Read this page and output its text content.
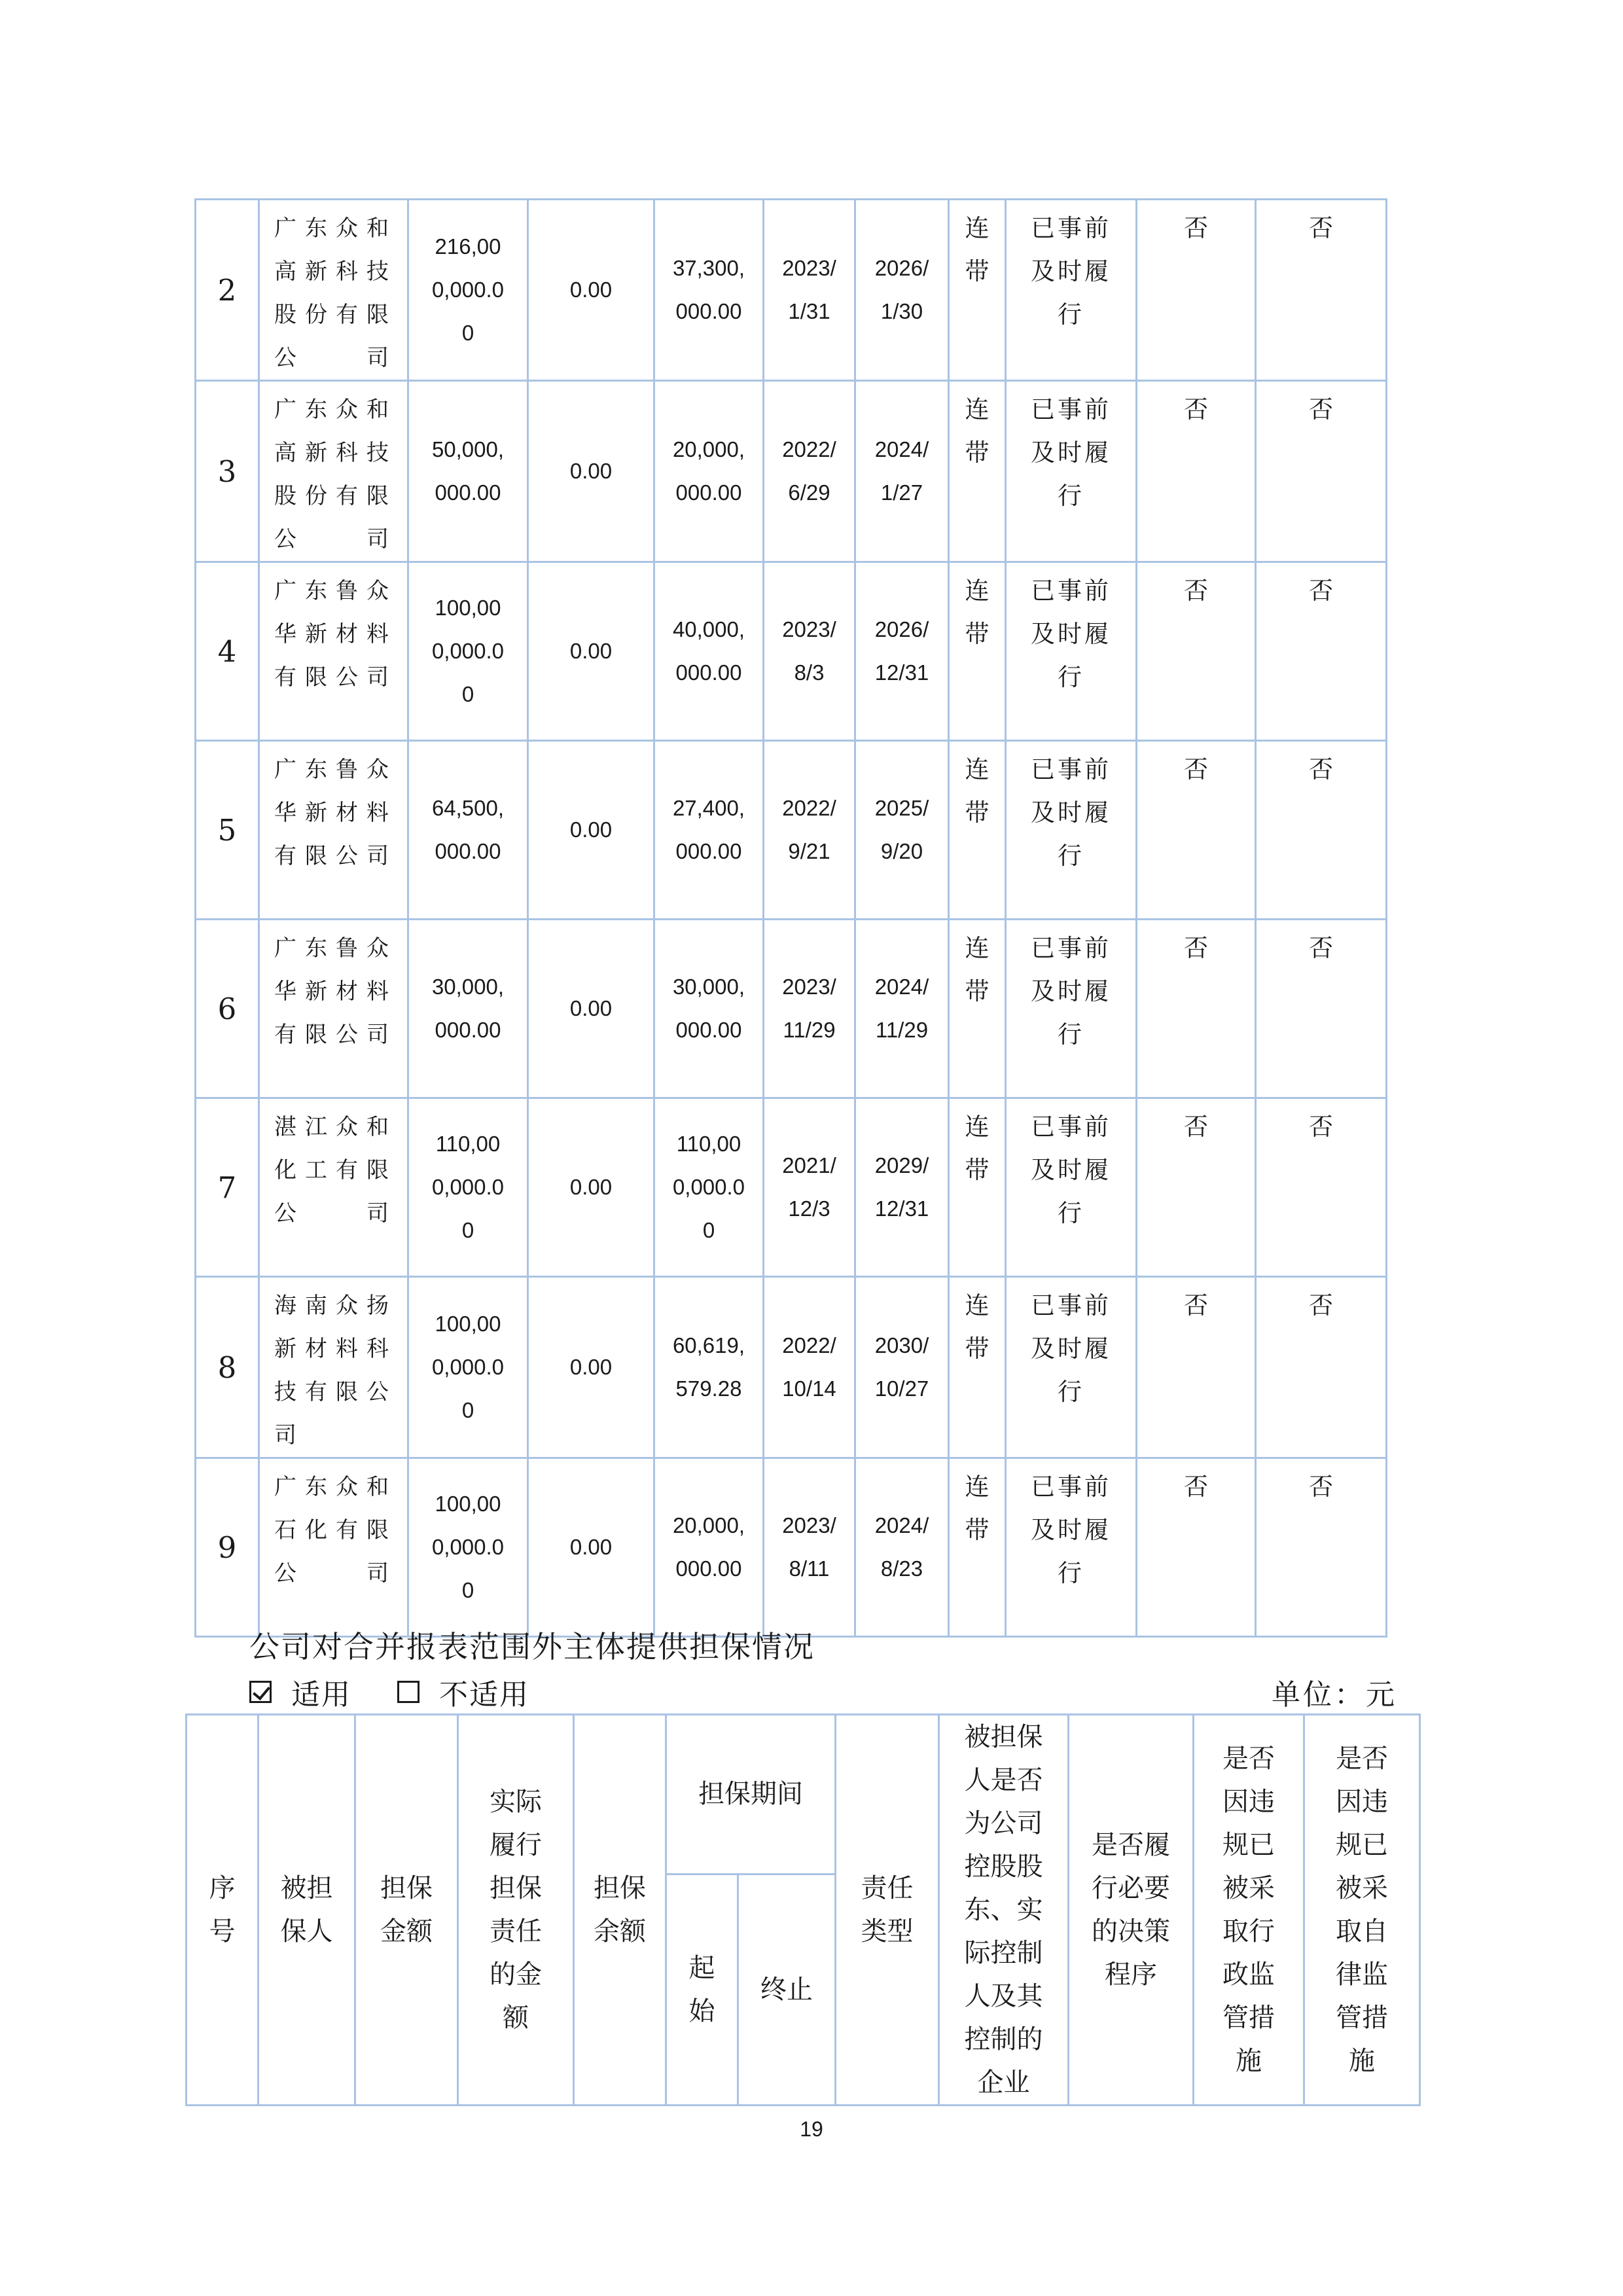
2	广东众和高新科技股份有限公司	216,000,000.00	0.00	37,300,000.00	2023/1/31	2026/1/30	连带	已事前及时履行	否	否
3	广东众和高新科技股份有限公司	50,000,000.00	0.00	20,000,000.00	2022/6/29	2024/1/27	连带	已事前及时履行	否	否
4	广东鲁众华新材料有限公司	100,000,000.00	0.00	40,000,000.00	2023/8/3	2026/12/31	连带	已事前及时履行	否	否
5	广东鲁众华新材料有限公司	64,500,000.00	0.00	27,400,000.00	2022/9/21	2025/9/20	连带	已事前及时履行	否	否
6	广东鲁众华新材料有限公司	30,000,000.00	0.00	30,000,000.00	2023/11/29	2024/11/29	连带	已事前及时履行	否	否
7	湛江众和化工有限公司	110,000,000.00	0.00	110,000,000.00	2021/12/3	2029/12/31	连带	已事前及时履行	否	否
8	海南众扬新材料科技有限公司	100,000,000.00	0.00	60,619,579.28	2022/10/14	2030/10/27	连带	已事前及时履行	否	否
9	广东众和石化有限公司	100,000,000.00	0.00	20,000,000.00	2023/8/11	2024/8/23	连带	已事前及时履行	否	否
公司对合并报表范围外主体提供担保情况
适用	不适用	单位：元
序号	被担保人	担保金额	实际履行担保责任的金额	担保余额	担保期间		责任类型	被担保人是否为公司控股股东、实际控制人及其控制的企业	是否履行必要的决策程序	是否因违规已被采取行政监管措施	是否因违规已被采取自律监管措施
					起始	终止					
19
